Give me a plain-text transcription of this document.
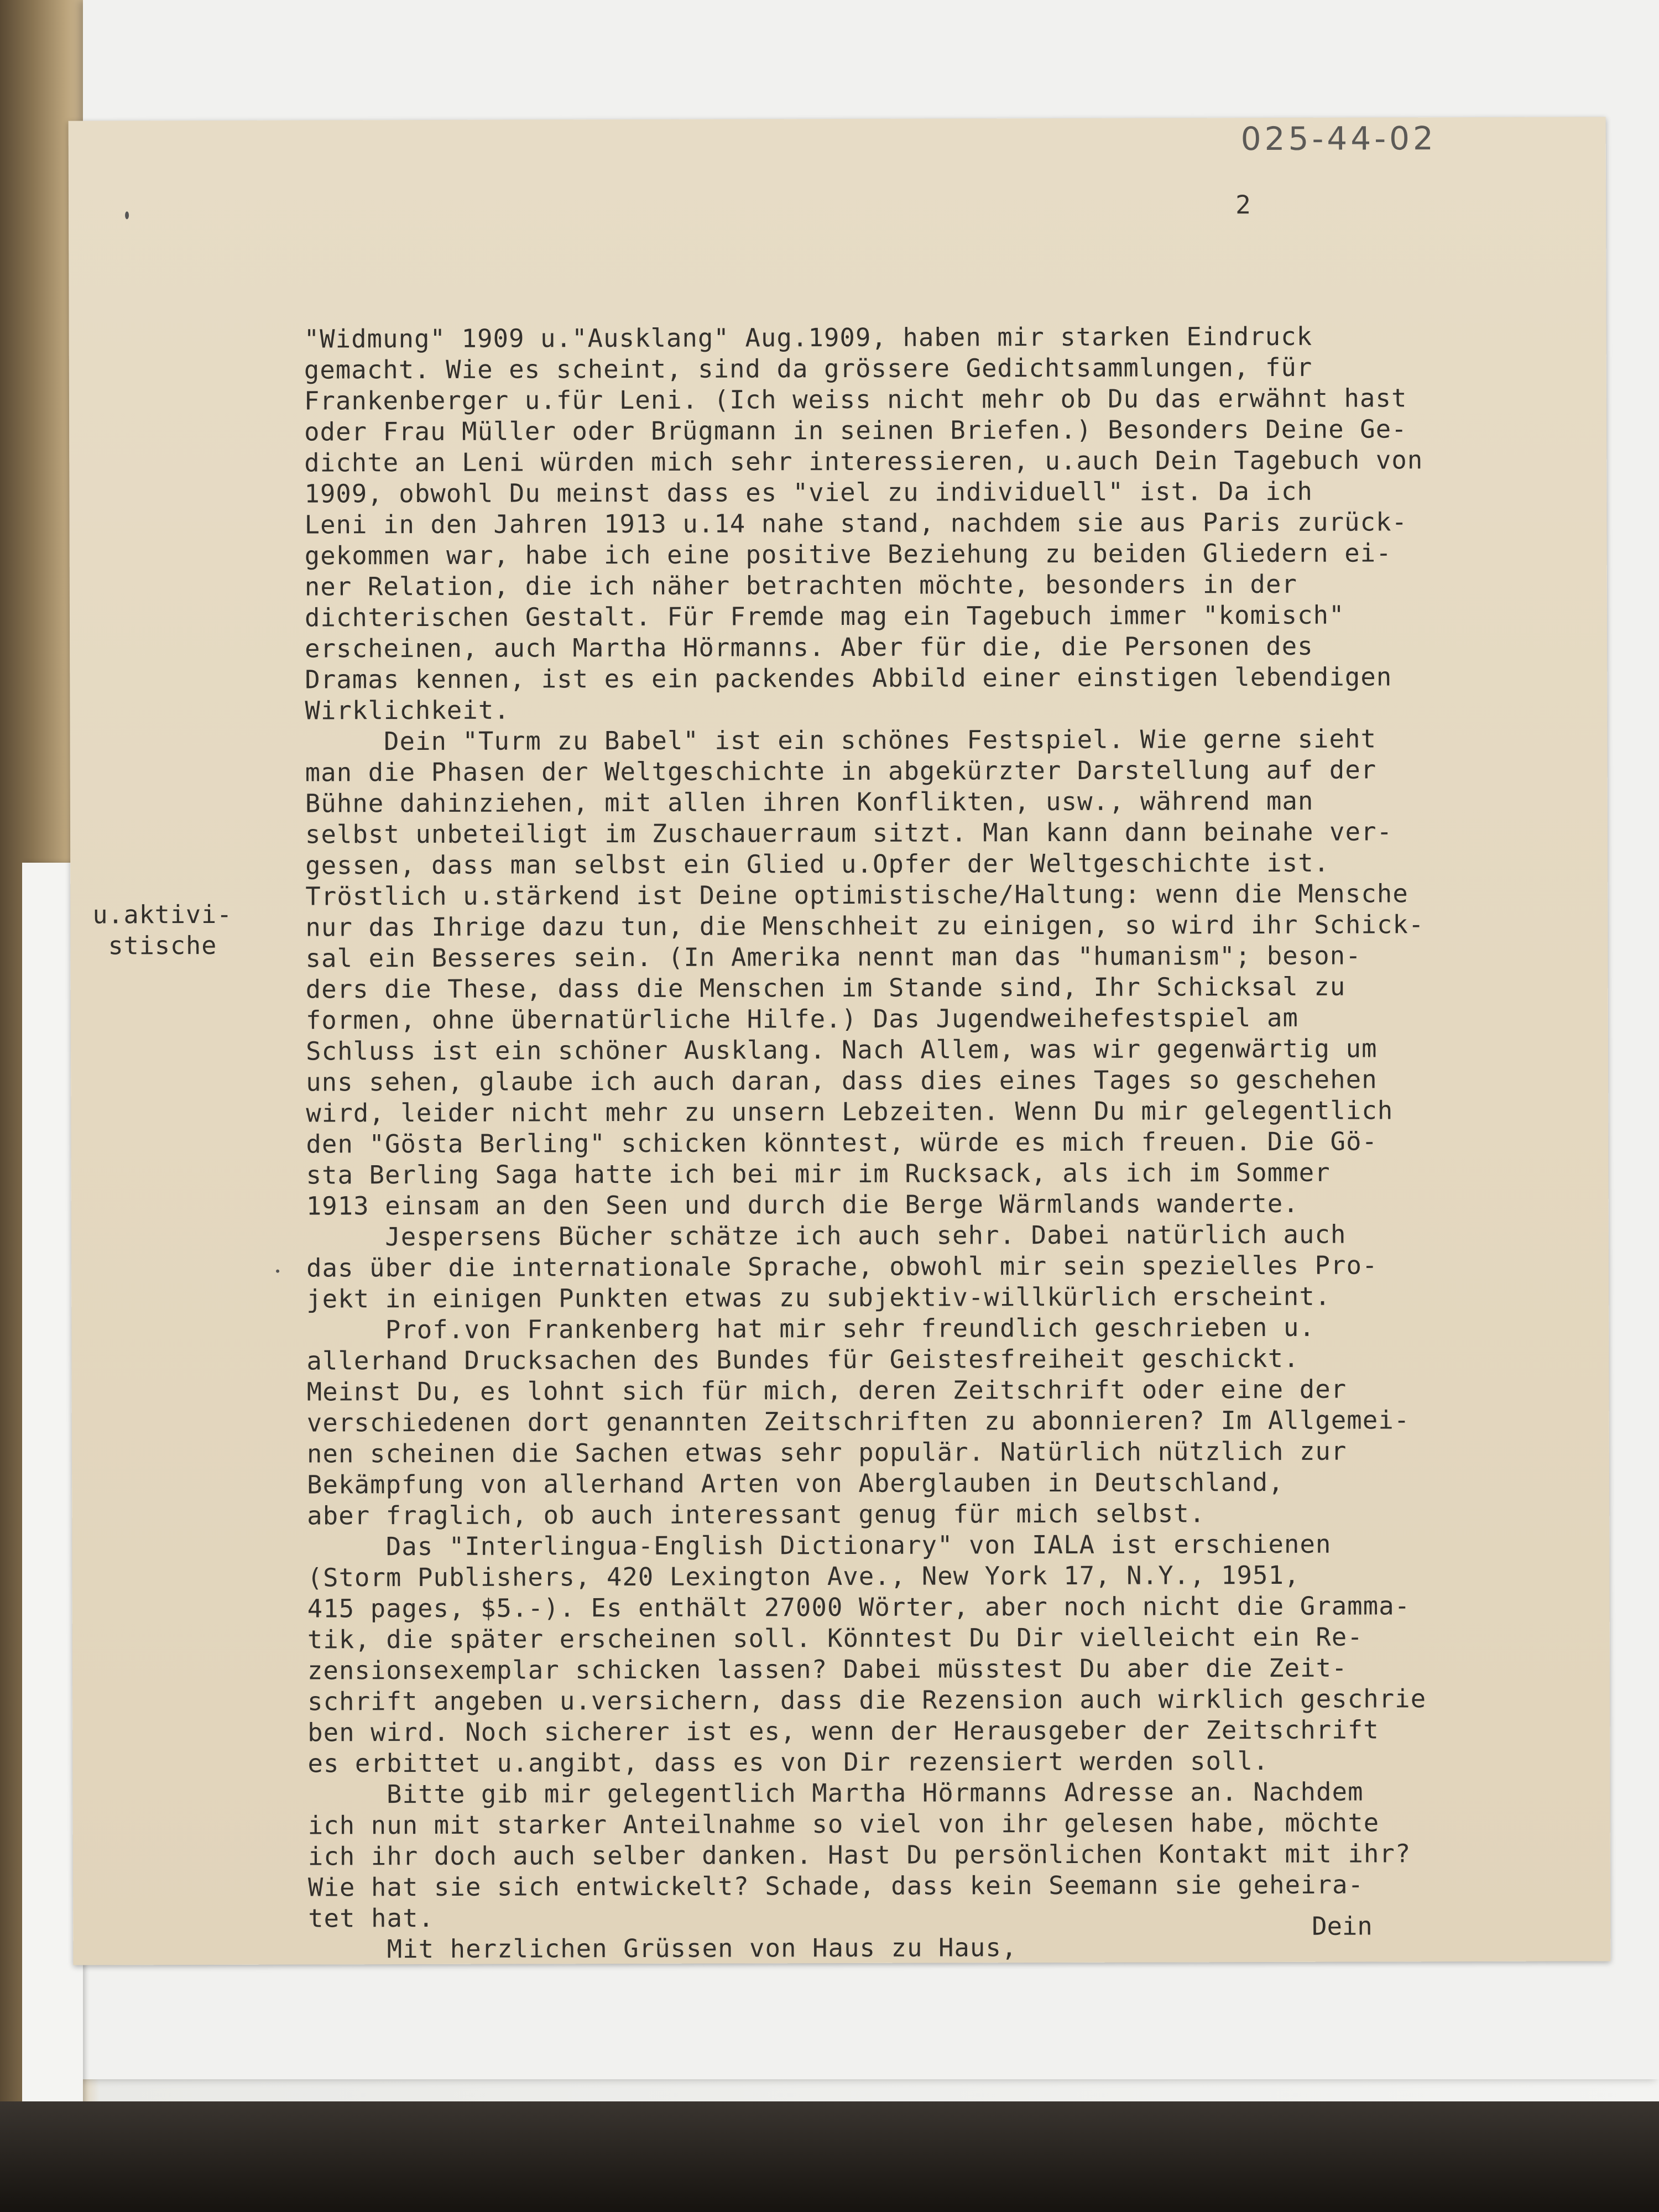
025-44-02
2
u.aktivi-
stische
"Widmung" 1909 u."Ausklang" Aug.1909, haben mir starken Eindruck
gemacht. Wie es scheint, sind da grössere Gedichtsammlungen, für
Frankenberger u.für Leni. (Ich weiss nicht mehr ob Du das erwähnt hast
oder Frau Müller oder Brügmann in seinen Briefen.) Besonders Deine Ge-
dichte an Leni würden mich sehr interessieren, u.auch Dein Tagebuch von
1909, obwohl Du meinst dass es "viel zu individuell" ist. Da ich
Leni in den Jahren 1913 u.14 nahe stand, nachdem sie aus Paris zurück-
gekommen war, habe ich eine positive Beziehung zu beiden Gliedern ei-
ner Relation, die ich näher betrachten möchte, besonders in der
dichterischen Gestalt. Für Fremde mag ein Tagebuch immer "komisch"
erscheinen, auch Martha Hörmanns. Aber für die, die Personen des
Dramas kennen, ist es ein packendes Abbild einer einstigen lebendigen
Wirklichkeit.
Dein "Turm zu Babel" ist ein schönes Festspiel. Wie gerne sieht
man die Phasen der Weltgeschichte in abgekürzter Darstellung auf der
Bühne dahinziehen, mit allen ihren Konflikten, usw., während man
selbst unbeteiligt im Zuschauerraum sitzt. Man kann dann beinahe ver-
gessen, dass man selbst ein Glied u.Opfer der Weltgeschichte ist.
Tröstlich u.stärkend ist Deine optimistische/Haltung: wenn die Mensche
nur das Ihrige dazu tun, die Menschheit zu einigen, so wird ihr Schick-
sal ein Besseres sein. (In Amerika nennt man das "humanism"; beson-
ders die These, dass die Menschen im Stande sind, Ihr Schicksal zu
formen, ohne übernatürliche Hilfe.) Das Jugendweihefestspiel am
Schluss ist ein schöner Ausklang. Nach Allem, was wir gegenwärtig um
uns sehen, glaube ich auch daran, dass dies eines Tages so geschehen
wird, leider nicht mehr zu unsern Lebzeiten. Wenn Du mir gelegentlich
den "Gösta Berling" schicken könntest, würde es mich freuen. Die Gö-
sta Berling Saga hatte ich bei mir im Rucksack, als ich im Sommer
1913 einsam an den Seen und durch die Berge Wärmlands wanderte.
Jespersens Bücher schätze ich auch sehr. Dabei natürlich auch
das über die internationale Sprache, obwohl mir sein spezielles Pro-
jekt in einigen Punkten etwas zu subjektiv-willkürlich erscheint.
Prof.von Frankenberg hat mir sehr freundlich geschrieben u.
allerhand Drucksachen des Bundes für Geistesfreiheit geschickt.
Meinst Du, es lohnt sich für mich, deren Zeitschrift oder eine der
verschiedenen dort genannten Zeitschriften zu abonnieren? Im Allgemei-
nen scheinen die Sachen etwas sehr populär. Natürlich nützlich zur
Bekämpfung von allerhand Arten von Aberglauben in Deutschland,
aber fraglich, ob auch interessant genug für mich selbst.
Das "Interlingua-English Dictionary" von IALA ist erschienen
(Storm Publishers, 420 Lexington Ave., New York 17, N.Y., 1951,
415 pages, $5.-). Es enthält 27000 Wörter, aber noch nicht die Gramma-
tik, die später erscheinen soll. Könntest Du Dir vielleicht ein Re-
zensionsexemplar schicken lassen? Dabei müsstest Du aber die Zeit-
schrift angeben u.versichern, dass die Rezension auch wirklich geschrie
ben wird. Noch sicherer ist es, wenn der Herausgeber der Zeitschrift
es erbittet u.angibt, dass es von Dir rezensiert werden soll.
Bitte gib mir gelegentlich Martha Hörmanns Adresse an. Nachdem
ich nun mit starker Anteilnahme so viel von ihr gelesen habe, möchte
ich ihr doch auch selber danken. Hast Du persönlichen Kontakt mit ihr?
Wie hat sie sich entwickelt? Schade, dass kein Seemann sie geheira-
tet hat.
Mit herzlichen Grüssen von Haus zu Haus,

Dein
